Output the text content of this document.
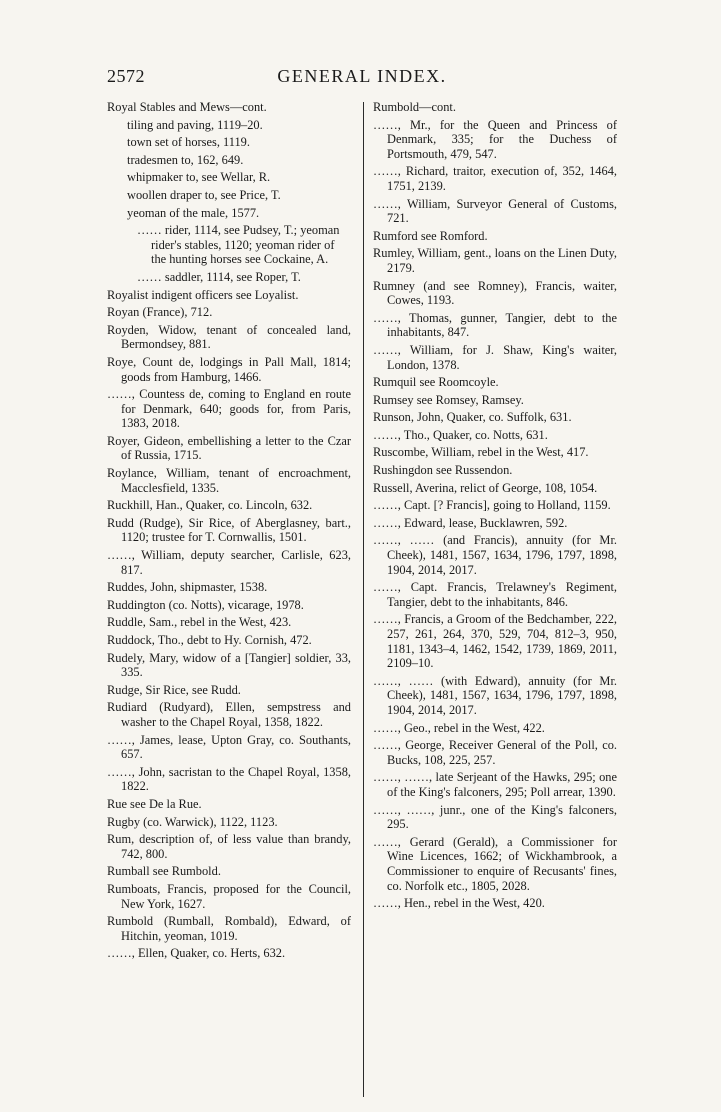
2572	GENERAL INDEX.
Royal Stables and Mews—cont.
tiling and paving, 1119–20.
town set of horses, 1119.
tradesmen to, 162, 649.
whipmaker to, see Wellar, R.
woollen draper to, see Price, T.
yeoman of the male, 1577.
…… rider, 1114, see Pudsey, T.; yeoman rider's stables, 1120; yeoman rider of the hunting horses see Cockaine, A.
…… saddler, 1114, see Roper, T.
Royalist indigent officers see Loyalist.
Royan (France), 712.
Royden, Widow, tenant of concealed land, Bermondsey, 881.
Roye, Count de, lodgings in Pall Mall, 1814; goods from Hamburg, 1466.
……, Countess de, coming to England en route for Denmark, 640; goods for, from Paris, 1383, 2018.
Royer, Gideon, embellishing a letter to the Czar of Russia, 1715.
Roylance, William, tenant of encroachment, Macclesfield, 1335.
Ruckhill, Han., Quaker, co. Lincoln, 632.
Rudd (Rudge), Sir Rice, of Aberglasney, bart., 1120; trustee for T. Cornwallis, 1501.
……, William, deputy searcher, Carlisle, 623, 817.
Ruddes, John, shipmaster, 1538.
Ruddington (co. Notts), vicarage, 1978.
Ruddle, Sam., rebel in the West, 423.
Ruddock, Tho., debt to Hy. Cornish, 472.
Rudely, Mary, widow of a [Tangier] soldier, 33, 335.
Rudge, Sir Rice, see Rudd.
Rudiard (Rudyard), Ellen, sempstress and washer to the Chapel Royal, 1358, 1822.
……, James, lease, Upton Gray, co. Southants, 657.
……, John, sacristan to the Chapel Royal, 1358, 1822.
Rue see De la Rue.
Rugby (co. Warwick), 1122, 1123.
Rum, description of, of less value than brandy, 742, 800.
Rumball see Rumbold.
Rumboats, Francis, proposed for the Council, New York, 1627.
Rumbold (Rumball, Rombald), Edward, of Hitchin, yeoman, 1019.
……, Ellen, Quaker, co. Herts, 632.
Rumbold—cont.
……, Mr., for the Queen and Princess of Denmark, 335; for the Duchess of Portsmouth, 479, 547.
……, Richard, traitor, execution of, 352, 1464, 1751, 2139.
……, William, Surveyor General of Customs, 721.
Rumford see Romford.
Rumley, William, gent., loans on the Linen Duty, 2179.
Rumney (and see Romney), Francis, waiter, Cowes, 1193.
……, Thomas, gunner, Tangier, debt to the inhabitants, 847.
……, William, for J. Shaw, King's waiter, London, 1378.
Rumquil see Roomcoyle.
Rumsey see Romsey, Ramsey.
Runson, John, Quaker, co. Suffolk, 631.
……, Tho., Quaker, co. Notts, 631.
Ruscombe, William, rebel in the West, 417.
Rushingdon see Russendon.
Russell, Averina, relict of George, 108, 1054.
……, Capt. [? Francis], going to Holland, 1159.
……, Edward, lease, Bucklawren, 592.
……, …… (and Francis), annuity (for Mr. Cheek), 1481, 1567, 1634, 1796, 1797, 1898, 1904, 2014, 2017.
……, Capt. Francis, Trelawney's Regiment, Tangier, debt to the inhabitants, 846.
……, Francis, a Groom of the Bedchamber, 222, 257, 261, 264, 370, 529, 704, 812–3, 950, 1181, 1343–4, 1462, 1542, 1739, 1869, 2011, 2109–10.
……, …… (with Edward), annuity (for Mr. Cheek), 1481, 1567, 1634, 1796, 1797, 1898, 1904, 2014, 2017.
……, Geo., rebel in the West, 422.
……, George, Receiver General of the Poll, co. Bucks, 108, 225, 257.
……, ……, late Serjeant of the Hawks, 295; one of the King's falconers, 295; Poll arrear, 1390.
……, ……, junr., one of the King's falconers, 295.
……, Gerard (Gerald), a Commissioner for Wine Licences, 1662; of Wickhambrook, a Commissioner to enquire of Recusants' fines, co. Norfolk etc., 1805, 2028.
……, Hen., rebel in the West, 420.
